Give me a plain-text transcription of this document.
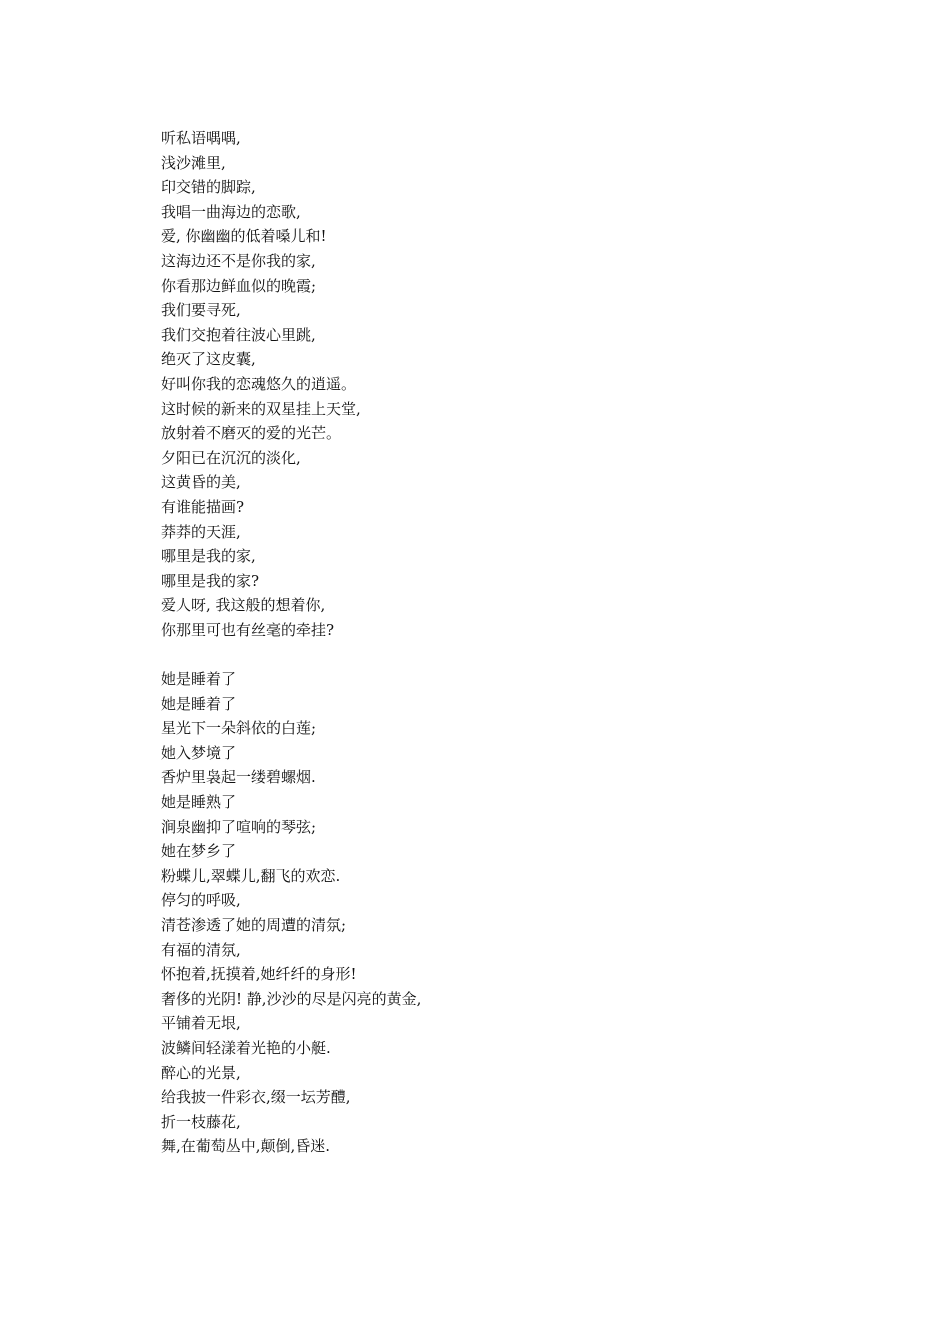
听私语喁喁,
浅沙滩里,
印交错的脚踪,
我唱一曲海边的恋歌,
爱, 你幽幽的低着嗓儿和!
这海边还不是你我的家,
你看那边鲜血似的晚霞;
我们要寻死,
我们交抱着往波心里跳,
绝灭了这皮囊,
好叫你我的恋魂悠久的逍遥。
这时候的新来的双星挂上天堂,
放射着不磨灭的爱的光芒。
夕阳已在沉沉的淡化,
这黄昏的美,
有谁能描画?
莽莽的天涯,
哪里是我的家,
哪里是我的家?
爱人呀, 我这般的想着你,
你那里可也有丝毫的牵挂?
她是睡着了
她是睡着了
星光下一朵斜依的白莲;
她入梦境了
香炉里袅起一缕碧螺烟.
她是睡熟了
涧泉幽抑了喧响的琴弦;
她在梦乡了
粉蝶儿,翠蝶儿,翻飞的欢恋.
停匀的呼吸,
清苍渗透了她的周遭的清氛;
有福的清氛,
怀抱着,抚摸着,她纤纤的身形!
奢侈的光阴! 静,沙沙的尽是闪亮的黄金,
平铺着无垠,
波鳞间轻漾着光艳的小艇.
醉心的光景,
给我披一件彩衣,缀一坛芳醴,
折一枝藤花,
舞,在葡萄丛中,颠倒,昏迷.
